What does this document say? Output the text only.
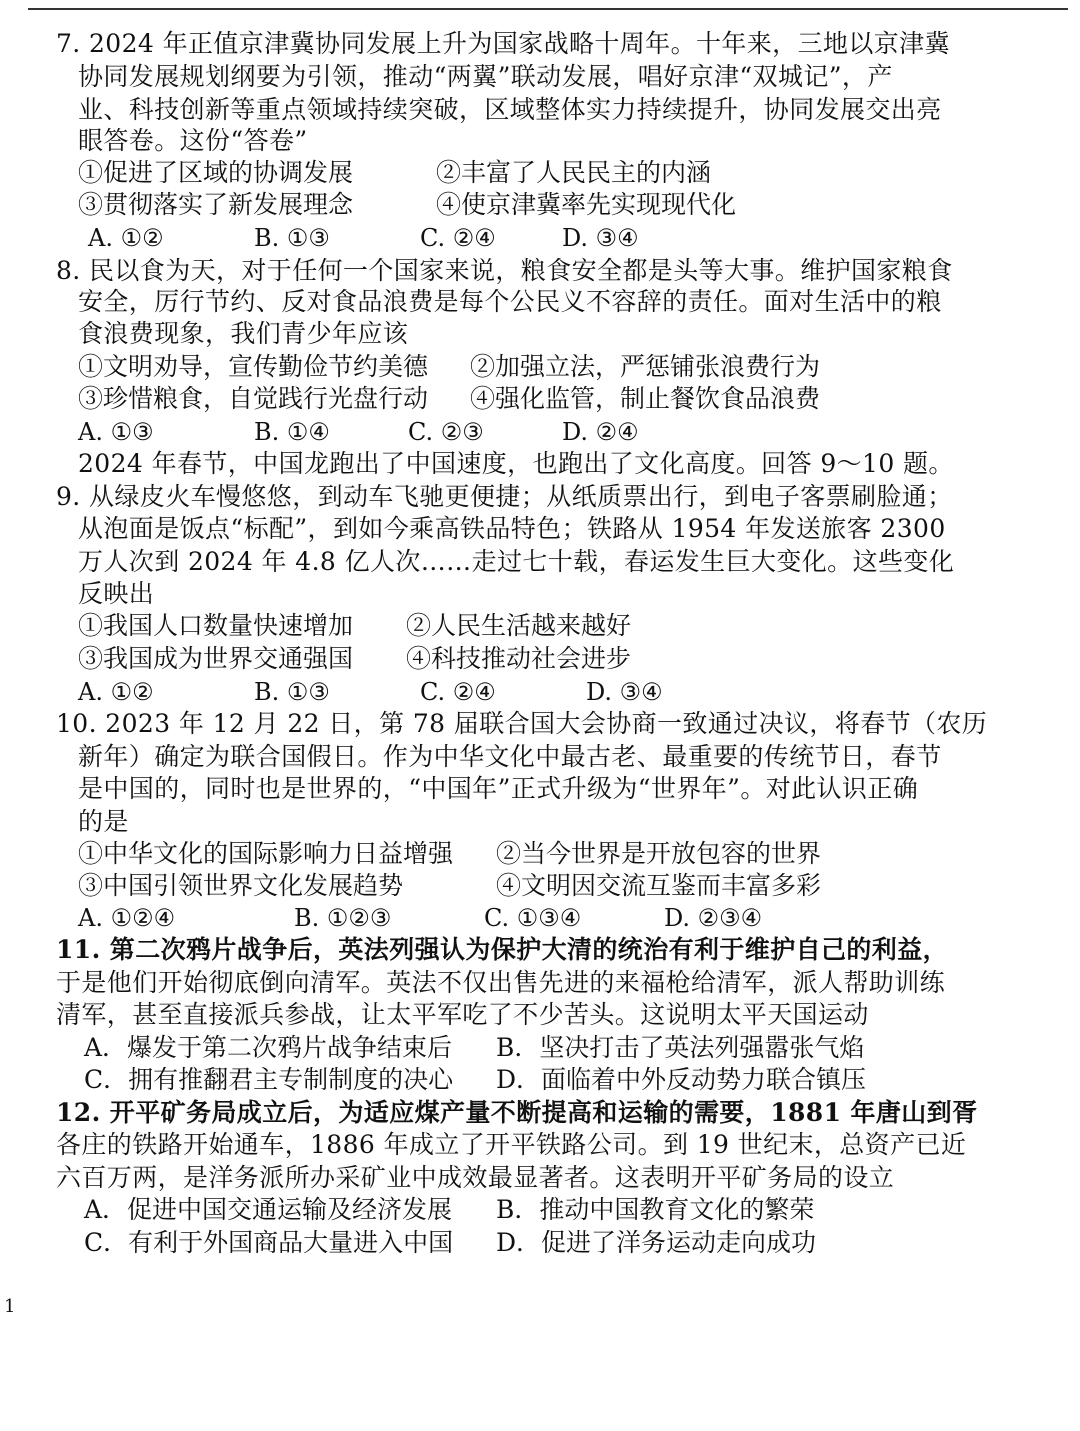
7. 2024 年正值京津冀协同发展上升为国家战略十周年。十年来，三地以京津冀
协同发展规划纲要为引领，推动“两翼”联动发展，唱好京津“双城记”，产
业、科技创新等重点领域持续突破，区域整体实力持续提升，协同发展交出亮
眼答卷。这份“答卷”
①促进了区域的协调发展	②丰富了人民民主的内涵
③贯彻落实了新发展理念	④使京津冀率先实现现代化
A. ①②	B. ①③	C. ②④	D. ③④
8. 民以食为天，对于任何一个国家来说，粮食安全都是头等大事。维护国家粮食
安全，厉行节约、反对食品浪费是每个公民义不容辞的责任。面对生活中的粮
食浪费现象，我们青少年应该
①文明劝导，宣传勤俭节约美德 ②加强立法，严惩铺张浪费行为
③珍惜粮食，自觉践行光盘行动 ④强化监管，制止餐饮食品浪费
A. ①③	B. ①④	C. ②③	D. ②④
2024 年春节，中国龙跑出了中国速度，也跑出了文化高度。回答 9～10 题。
9. 从绿皮火车慢悠悠，到动车飞驰更便捷；从纸质票出行，到电子客票刷脸通；
从泡面是饭点“标配”，到如今乘高铁品特色；铁路从 1954 年发送旅客 2300
万人次到 2024 年 4.8 亿人次……走过七十载，春运发生巨大变化。这些变化
反映出
①我国人口数量快速增加 ②人民生活越来越好
③我国成为世界交通强国 ④科技推动社会进步
A. ①②	B. ①③	C. ②④	D. ③④
10. 2023 年 12 月 22 日，第 78 届联合国大会协商一致通过决议，将春节（农历
新年）确定为联合国假日。作为中华文化中最古老、最重要的传统节日，春节
是中国的，同时也是世界的，“中国年”正式升级为“世界年”。对此认识正确
的是
①中华文化的国际影响力日益增强 ②当今世界是开放包容的世界
③中国引领世界文化发展趋势	④文明因交流互鉴而丰富多彩
A. ①②④	B. ①②③	C. ①③④	D. ②③④
11. 第二次鸦片战争后，英法列强认为保护大清的统治有利于维护自己的利益，
于是他们开始彻底倒向清军。英法不仅出售先进的来福枪给清军，派人帮助训练
清军，甚至直接派兵参战，让太平军吃了不少苦头。这说明太平天国运动
A．爆发于第二次鸦片战争结束后 B．坚决打击了英法列强嚣张气焰
C．拥有推翻君主专制制度的决心 D．面临着中外反动势力联合镇压
12. 开平矿务局成立后，为适应煤产量不断提高和运输的需要，1881 年唐山到胥
各庄的铁路开始通车，1886 年成立了开平铁路公司。到 19 世纪末，总资产已近
六百万两，是洋务派所办采矿业中成效最显著者。这表明开平矿务局的设立
A．促进中国交通运输及经济发展 B．推动中国教育文化的繁荣
C．有利于外国商品大量进入中国 D．促进了洋务运动走向成功
1
